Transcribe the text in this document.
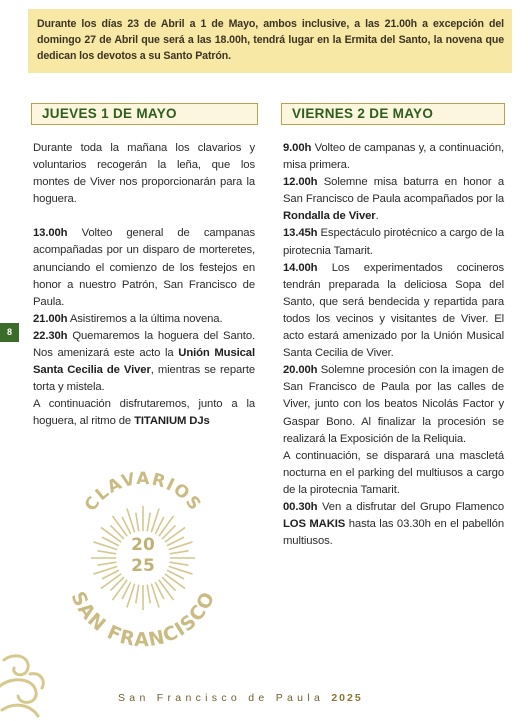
Durante los días 23 de Abril a 1 de Mayo, ambos inclusive, a las 21.00h a excepción del domingo 27 de Abril que será a las 18.00h, tendrá lugar en la Ermita del Santo, la novena que dedican los devotos a su Santo Patrón.
JUEVES 1 DE MAYO	VIERNES 2 DE MAYO

Durante toda la mañana los clavarios y voluntarios recogerán la leña, que los montes de Viver nos proporcionarán para la hoguera.

13.00h Volteo general de campanas acompañadas por un disparo de morteretes, anunciando el comienzo de los festejos en honor a nuestro Patrón, San Francisco de Paula.

21.00h Asistiremos a la última novena.

22.30h Quemaremos la hoguera del Santo. Nos amenizará este acto la Unión Musical Santa Cecilia de Viver, mientras se reparte torta y mistela.

A continuación disfrutaremos, junto a la hoguera, al ritmo de TITANIUM DJs

9.00h Volteo de campanas y, a continuación, misa primera.

12.00h Solemne misa baturra en honor a San Francisco de Paula acompañados por la Rondalla de Viver.

13.45h Espectáculo pirotécnico a cargo de la pirotecnia Tamarit.

14.00h Los experimentados cocineros tendrán preparada la deliciosa Sopa del Santo, que será bendecida y repartida para todos los vecinos y visitantes de Viver. El acto estará amenizado por la Unión Musical Santa Cecilia de Viver.

20.00h Solemne procesión con la imagen de San Francisco de Paula por las calles de Viver, junto con los beatos Nicolás Factor y Gaspar Bono. Al finalizar la procesión se realizará la Exposición de la Reliquia.

A continuación, se disparará una mascletá nocturna en el parking del multiusos a cargo de la pirotecnia Tamarit.

00.30h Ven a disfrutar del Grupo Flamenco LOS MAKIS hasta las 03.30h en el pabellón multiusos.

8
CLAVARIOS
20
25
SAN FRANCISCO
San Francisco de Paula 2025
